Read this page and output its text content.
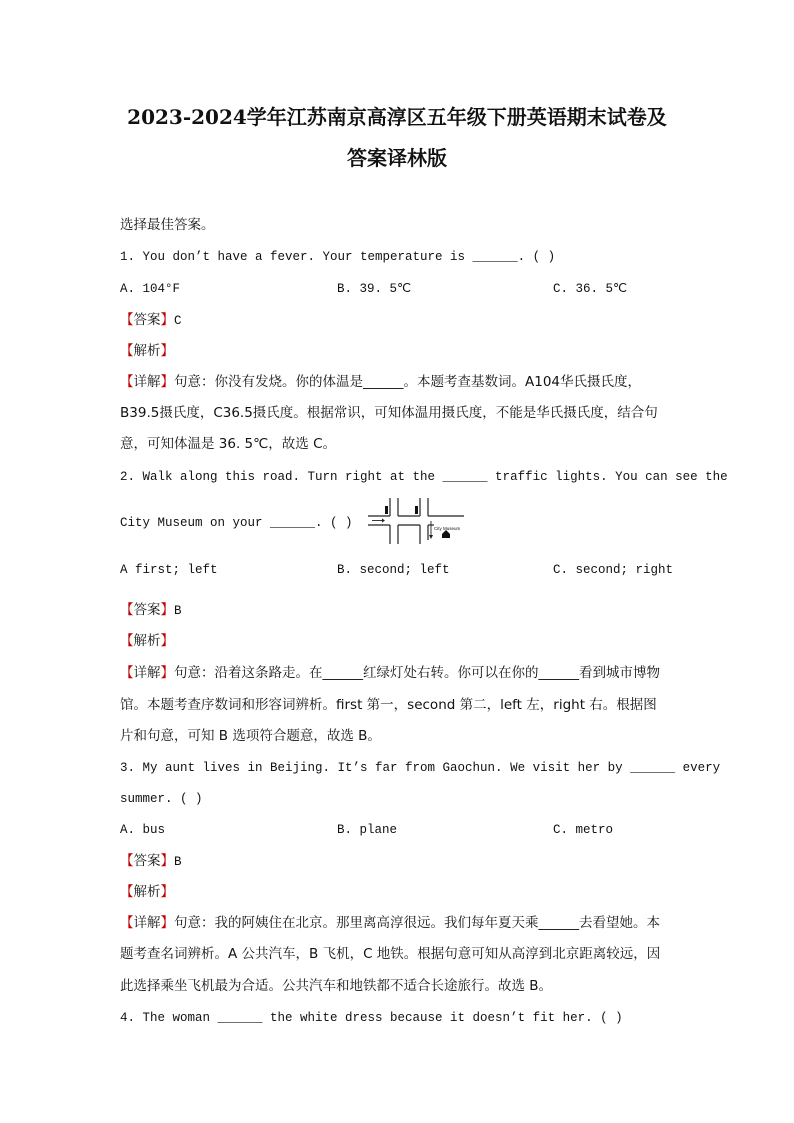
2023-2024学年江苏南京高淳区五年级下册英语期末试卷及
答案译林版
选择最佳答案。
1. You don’t have a fever. Your temperature is ______. ( )
A. 104°F	B. 39. 5℃	C. 36. 5℃
【答案】C
【解析】
【详解】句意：你没有发烧。你的体温是______。本题考查基数词。A104华氏摄氏度，
B39.5摄氏度，C36.5摄氏度。根据常识，可知体温用摄氏度，不能是华氏摄氏度，结合句
意，可知体温是 36. 5℃，故选 C。
2. Walk along this road. Turn right at the ______ traffic lights. You can see the
City Museum on your ______. ( )	City Museum
A first; left	B. second; left	C. second; right
【答案】B
【解析】
【详解】句意：沿着这条路走。在______红绿灯处右转。你可以在你的______看到城市博物
馆。本题考查序数词和形容词辨析。first 第一，second 第二，left 左，right 右。根据图
片和句意，可知 B 选项符合题意，故选 B。
3. My aunt lives in Beijing. It’s far from Gaochun. We visit her by ______ every
summer. ( )
A. bus	B. plane	C. metro
【答案】B
【解析】
【详解】句意：我的阿姨住在北京。那里离高淳很远。我们每年夏天乘______去看望她。本
题考查名词辨析。A 公共汽车，B 飞机，C 地铁。根据句意可知从高淳到北京距离较远，因
此选择乘坐飞机最为合适。公共汽车和地铁都不适合长途旅行。故选 B。
4. The woman ______ the white dress because it doesn’t fit her. ( )
